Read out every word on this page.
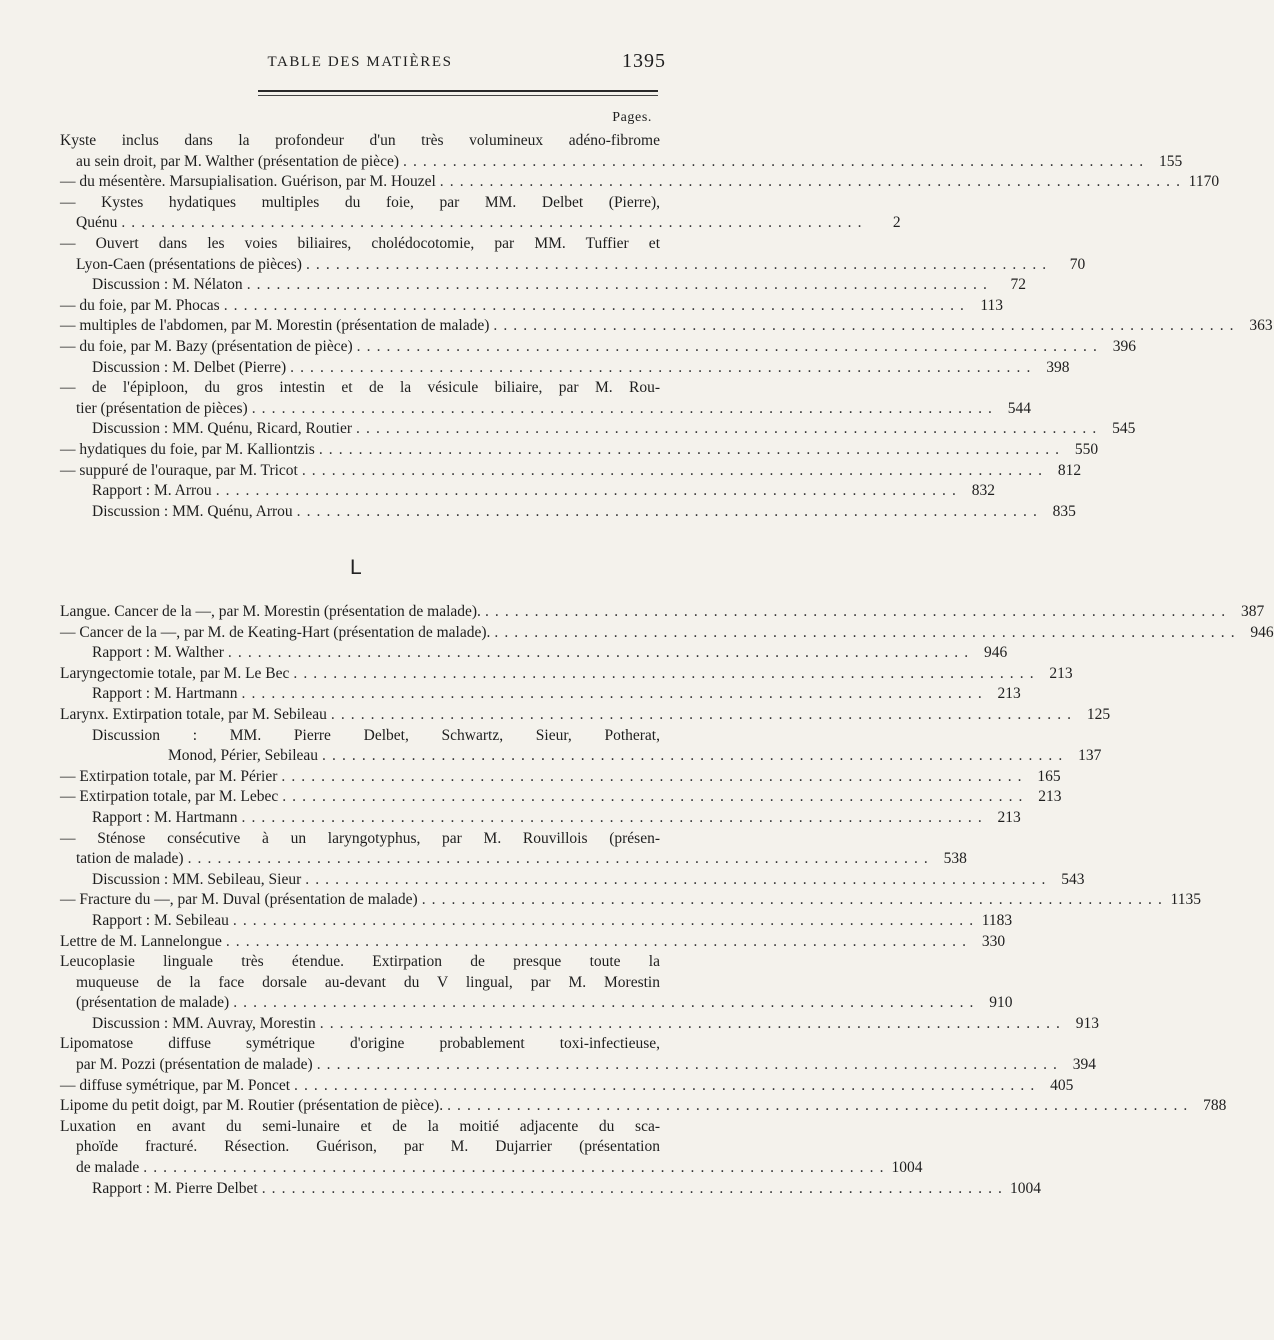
TABLE DES MATIÈRES	1395
Pages.
Kyste inclus dans la profondeur d'un très volumineux adéno-fibrome
au sein droit, par M. Walther (présentation de pièce) . . .	155
— du mésentère. Marsupialisation. Guérison, par M. Houzel . . .	1170
— Kystes hydatiques multiples du foie, par MM. Delbet (Pierre),
Quénu . . .	2
— Ouvert dans les voies biliaires, cholédocotomie, par MM. Tuffier et
Lyon-Caen (présentations de pièces) . . .	70
Discussion : M. Nélaton . . .	72
— du foie, par M. Phocas . . .	113
— multiples de l'abdomen, par M. Morestin (présentation de malade) . . .	363
— du foie, par M. Bazy (présentation de pièce) . . .	396
Discussion : M. Delbet (Pierre) . . .	398
— de l'épiploon, du gros intestin et de la vésicule biliaire, par M. Rou-
tier (présentation de pièces) . . .	544
Discussion : MM. Quénu, Ricard, Routier . . .	545
— hydatiques du foie, par M. Kalliontzis . . .	550
— suppuré de l'ouraque, par M. Tricot . . .	812
Rapport : M. Arrou . . .	832
Discussion : MM. Quénu, Arrou . . .	835
L
Langue. Cancer de la —, par M. Morestin (présentation de malade). . . .	387
— Cancer de la —, par M. de Keating-Hart (présentation de malade). . . .	946
Rapport : M. Walther . . .	946
Laryngectomie totale, par M. Le Bec . . .	213
Rapport : M. Hartmann . . .	213
Larynx. Extirpation totale, par M. Sebileau . . .	125
Discussion : MM. Pierre Delbet, Schwartz, Sieur, Potherat,
Monod, Périer, Sebileau . . .	137
— Extirpation totale, par M. Périer . . .	165
— Extirpation totale, par M. Lebec . . .	213
Rapport : M. Hartmann . . .	213
— Sténose consécutive à un laryngotyphus, par M. Rouvillois (présen-
tation de malade) . . .	538
Discussion : MM. Sebileau, Sieur . . .	543
— Fracture du —, par M. Duval (présentation de malade) . . .	1135
Rapport : M. Sebileau . . .	1183
Lettre de M. Lannelongue . . .	330
Leucoplasie linguale très étendue. Extirpation de presque toute la
muqueuse de la face dorsale au-devant du V lingual, par M. Morestin
(présentation de malade) . . .	910
Discussion : MM. Auvray, Morestin . . .	913
Lipomatose diffuse symétrique d'origine probablement toxi-infectieuse,
par M. Pozzi (présentation de malade) . . .	394
— diffuse symétrique, par M. Poncet . . .	405
Lipome du petit doigt, par M. Routier (présentation de pièce). . . .	788
Luxation en avant du semi-lunaire et de la moitié adjacente du sca-
phoïde fracturé. Résection. Guérison, par M. Dujarrier (présentation
de malade . . .	1004
Rapport : M. Pierre Delbet . . .	1004
